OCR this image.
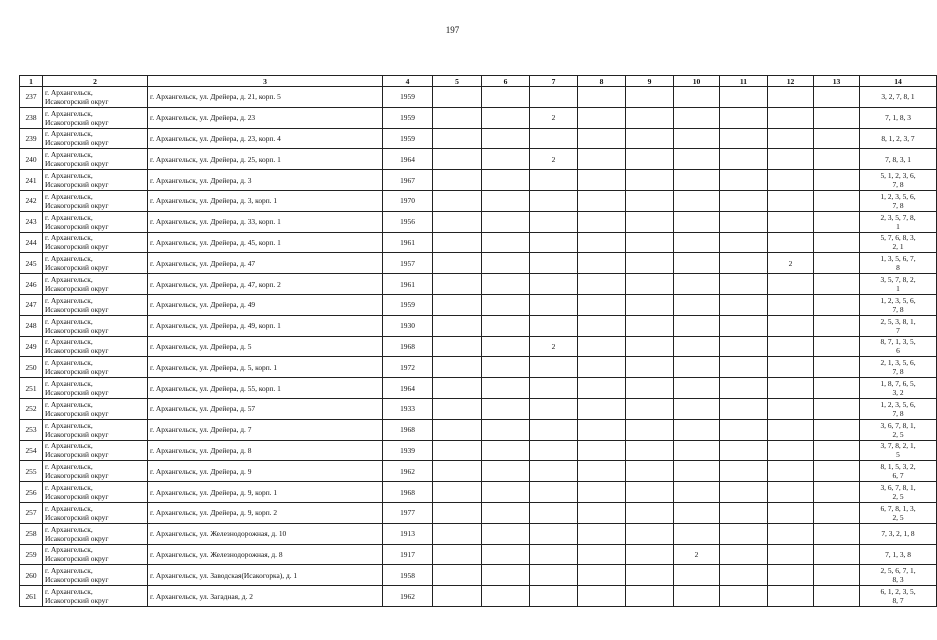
197
1	2	3	4	5	6	7	8	9	10	11	12	13	14
237	г. Архангельск,
Исакогорский округ	г. Архангельск, ул. Дрейера, д. 21, корп. 5	1959										3, 2, 7, 8, 1

238	г. Архангельск,
Исакогорский округ	г. Архангельск, ул. Дрейера, д. 23	1959			2							7, 1, 8, 3

239	г. Архангельск,
Исакогорский округ	г. Архангельск, ул. Дрейера, д. 23, корп. 4	1959										8, 1, 2, 3, 7

240	г. Архангельск,
Исакогорский округ	г. Архангельск, ул. Дрейера, д. 25, корп. 1	1964			2							7, 8, 3, 1

241	г. Архангельск,
Исакогорский округ	г. Архангельск, ул. Дрейера, д. 3	1967										5, 1, 2, 3, 6,
7, 8

242	г. Архангельск,
Исакогорский округ	г. Архангельск, ул. Дрейера, д. 3, корп. 1	1970										1, 2, 3, 5, 6,
7, 8

243	г. Архангельск,
Исакогорский округ	г. Архангельск, ул. Дрейера, д. 33, корп. 1	1956										2, 3, 5, 7, 8,
1

244	г. Архангельск,
Исакогорский округ	г. Архангельск, ул. Дрейера, д. 45, корп. 1	1961										5, 7, 6, 8, 3,
2, 1

245	г. Архангельск,
Исакогорский округ	г. Архангельск, ул. Дрейера, д. 47	1957								2		1, 3, 5, 6, 7,
8

246	г. Архангельск,
Исакогорский округ	г. Архангельск, ул. Дрейера, д. 47, корп. 2	1961										3, 5, 7, 8, 2,
1

247	г. Архангельск,
Исакогорский округ	г. Архангельск, ул. Дрейера, д. 49	1959										1, 2, 3, 5, 6,
7, 8

248	г. Архангельск,
Исакогорский округ	г. Архангельск, ул. Дрейера, д. 49, корп. 1	1930										2, 5, 3, 8, 1,
7

249	г. Архангельск,
Исакогорский округ	г. Архангельск, ул. Дрейера, д. 5	1968			2							8, 7, 1, 3, 5,
6

250	г. Архангельск,
Исакогорский округ	г. Архангельск, ул. Дрейера, д. 5, корп. 1	1972										2, 1, 3, 5, 6,
7, 8

251	г. Архангельск,
Исакогорский округ	г. Архангельск, ул. Дрейера, д. 55, корп. 1	1964										1, 8, 7, 6, 5,
3, 2

252	г. Архангельск,
Исакогорский округ	г. Архангельск, ул. Дрейера, д. 57	1933										1, 2, 3, 5, 6,
7, 8

253	г. Архангельск,
Исакогорский округ	г. Архангельск, ул. Дрейера, д. 7	1968										3, 6, 7, 8, 1,
2, 5

254	г. Архангельск,
Исакогорский округ	г. Архангельск, ул. Дрейера, д. 8	1939										3, 7, 8, 2, 1,
5

255	г. Архангельск,
Исакогорский округ	г. Архангельск, ул. Дрейера, д. 9	1962										8, 1, 5, 3, 2,
6, 7

256	г. Архангельск,
Исакогорский округ	г. Архангельск, ул. Дрейера, д. 9, корп. 1	1968										3, 6, 7, 8, 1,
2, 5

257	г. Архангельск,
Исакогорский округ	г. Архангельск, ул. Дрейера, д. 9, корп. 2	1977										6, 7, 8, 1, 3,
2, 5

258	г. Архангельск,
Исакогорский округ	г. Архангельск, ул. Железнодорожная, д. 10	1913										7, 3, 2, 1, 8

259	г. Архангельск,
Исакогорский округ	г. Архангельск, ул. Железнодорожная, д. 8	1917						2				7, 1, 3, 8

260	г. Архангельск,
Исакогорский округ	г. Архангельск, ул. Заводская(Исакогорка), д. 1	1958										2, 5, 6, 7, 1,
8, 3

261	г. Архангельск,
Исакогорский округ	г. Архангельск, ул. Загадная, д. 2	1962										6, 1, 2, 3, 5,
8, 7
